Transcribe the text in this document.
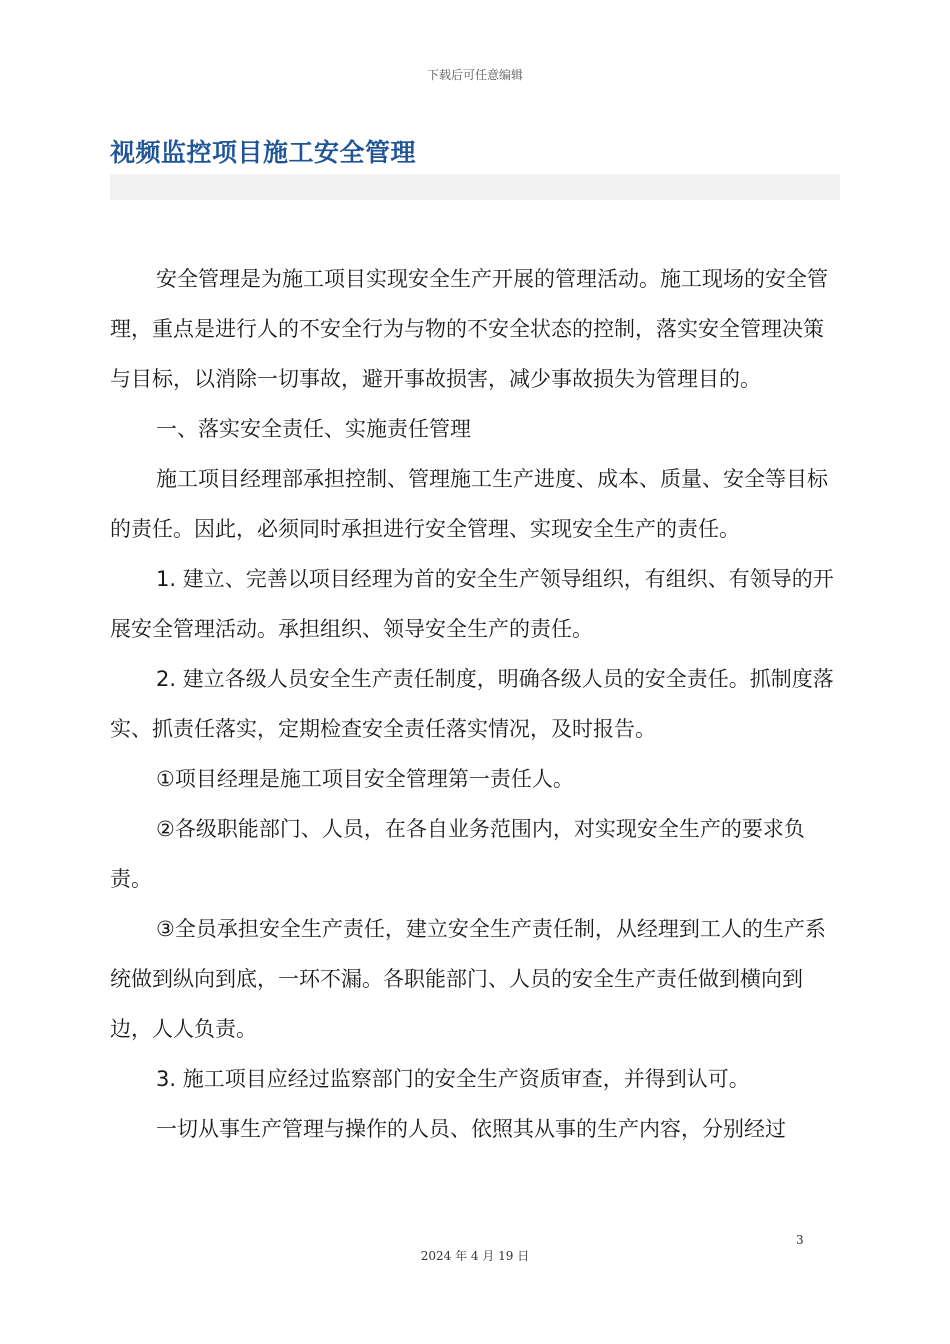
下载后可任意编辑
视频监控项目施工安全管理

安全管理是为施工项目实现安全生产开展的管理活动。施工现场的安全管理，重点是进行人的不安全行为与物的不安全状态的控制，落实安全管理决策与目标，以消除一切事故，避开事故损害，减少事故损失为管理目的。

一、落实安全责任、实施责任管理

施工项目经理部承担控制、管理施工生产进度、成本、质量、安全等目标的责任。因此，必须同时承担进行安全管理、实现安全生产的责任。

1. 建立、完善以项目经理为首的安全生产领导组织，有组织、有领导的开展安全管理活动。承担组织、领导安全生产的责任。

2. 建立各级人员安全生产责任制度，明确各级人员的安全责任。抓制度落实、抓责任落实，定期检查安全责任落实情况，及时报告。

①项目经理是施工项目安全管理第一责任人。

②各级职能部门、人员，在各自业务范围内，对实现安全生产的要求负责。

③全员承担安全生产责任，建立安全生产责任制，从经理到工人的生产系统做到纵向到底，一环不漏。各职能部门、人员的安全生产责任做到横向到边，人人负责。

3. 施工项目应经过监察部门的安全生产资质审查，并得到认可。

一切从事生产管理与操作的人员、依照其从事的生产内容，分别经过

3
2024 年 4 月 19 日
